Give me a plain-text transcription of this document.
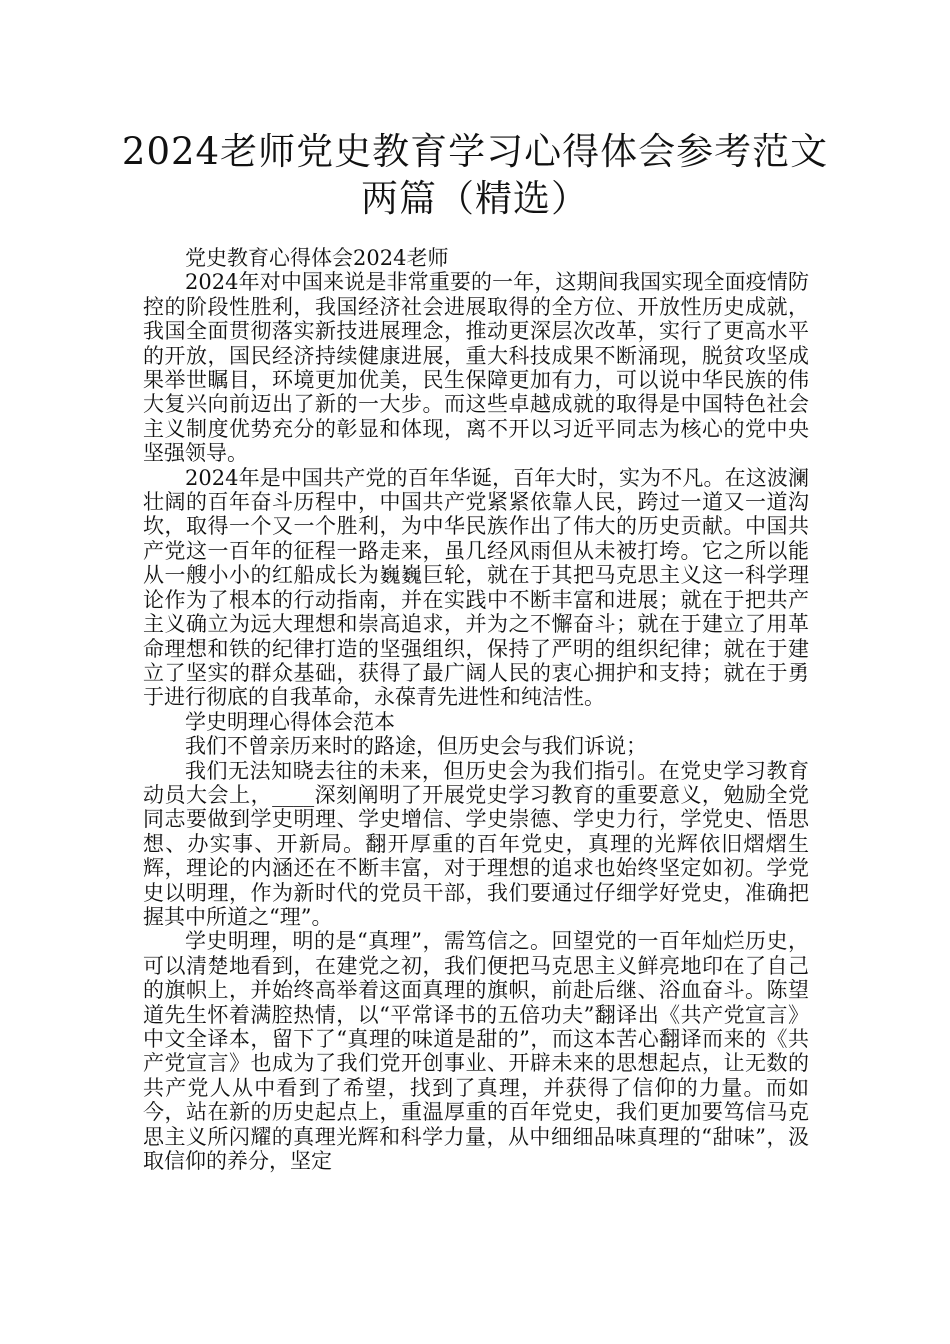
2024老师党史教育学习心得体会参考范文
两篇（精选）

党史教育心得体会2024老师

2024年对中国来说是非常重要的一年，这期间我国实现全面疫情防控的阶段性胜利，我国经济社会进展取得的全方位、开放性历史成就，我国全面贯彻落实新技进展理念，推动更深层次改革，实行了更高水平的开放，国民经济持续健康进展，重大科技成果不断涌现，脱贫攻坚成果举世瞩目，环境更加优美，民生保障更加有力，可以说中华民族的伟大复兴向前迈出了新的一大步。而这些卓越成就的取得是中国特色社会主义制度优势充分的彰显和体现，离不开以习近平同志为核心的党中央坚强领导。

2024年是中国共产党的百年华诞，百年大时，实为不凡。在这波澜壮阔的百年奋斗历程中，中国共产党紧紧依靠人民，跨过一道又一道沟坎，取得一个又一个胜利，为中华民族作出了伟大的历史贡献。中国共产党这一百年的征程一路走来，虽几经风雨但从未被打垮。它之所以能从一艘小小的红船成长为巍巍巨轮，就在于其把马克思主义这一科学理论作为了根本的行动指南，并在实践中不断丰富和进展；就在于把共产主义确立为远大理想和崇高追求，并为之不懈奋斗；就在于建立了用革命理想和铁的纪律打造的坚强组织，保持了严明的组织纪律；就在于建立了坚实的群众基础，获得了最广阔人民的衷心拥护和支持；就在于勇于进行彻底的自我革命，永葆青先进性和纯洁性。

学史明理心得体会范本

我们不曾亲历来时的路途，但历史会与我们诉说；

我们无法知晓去往的未来，但历史会为我们指引。在党史学习教育动员大会上，____深刻阐明了开展党史学习教育的重要意义，勉励全党同志要做到学史明理、学史增信、学史崇德、学史力行，学党史、悟思想、办实事、开新局。翻开厚重的百年党史，真理的光辉依旧熠熠生辉，理论的内涵还在不断丰富，对于理想的追求也始终坚定如初。学党史以明理，作为新时代的党员干部，我们要通过仔细学好党史，准确把握其中所道之“理”。

学史明理，明的是“真理”，需笃信之。回望党的一百年灿烂历史，可以清楚地看到，在建党之初，我们便把马克思主义鲜亮地印在了自己的旗帜上，并始终高举着这面真理的旗帜，前赴后继、浴血奋斗。陈望道先生怀着满腔热情，以“平常译书的五倍功夫”翻译出《共产党宣言》中文全译本，留下了“真理的味道是甜的”，而这本苦心翻译而来的《共产党宣言》也成为了我们党开创事业、开辟未来的思想起点，让无数的共产党人从中看到了希望，找到了真理，并获得了信仰的力量。而如今，站在新的历史起点上，重温厚重的百年党史，我们更加要笃信马克思主义所闪耀的真理光辉和科学力量，从中细细品味真理的“甜味”，汲取信仰的养分，坚定
